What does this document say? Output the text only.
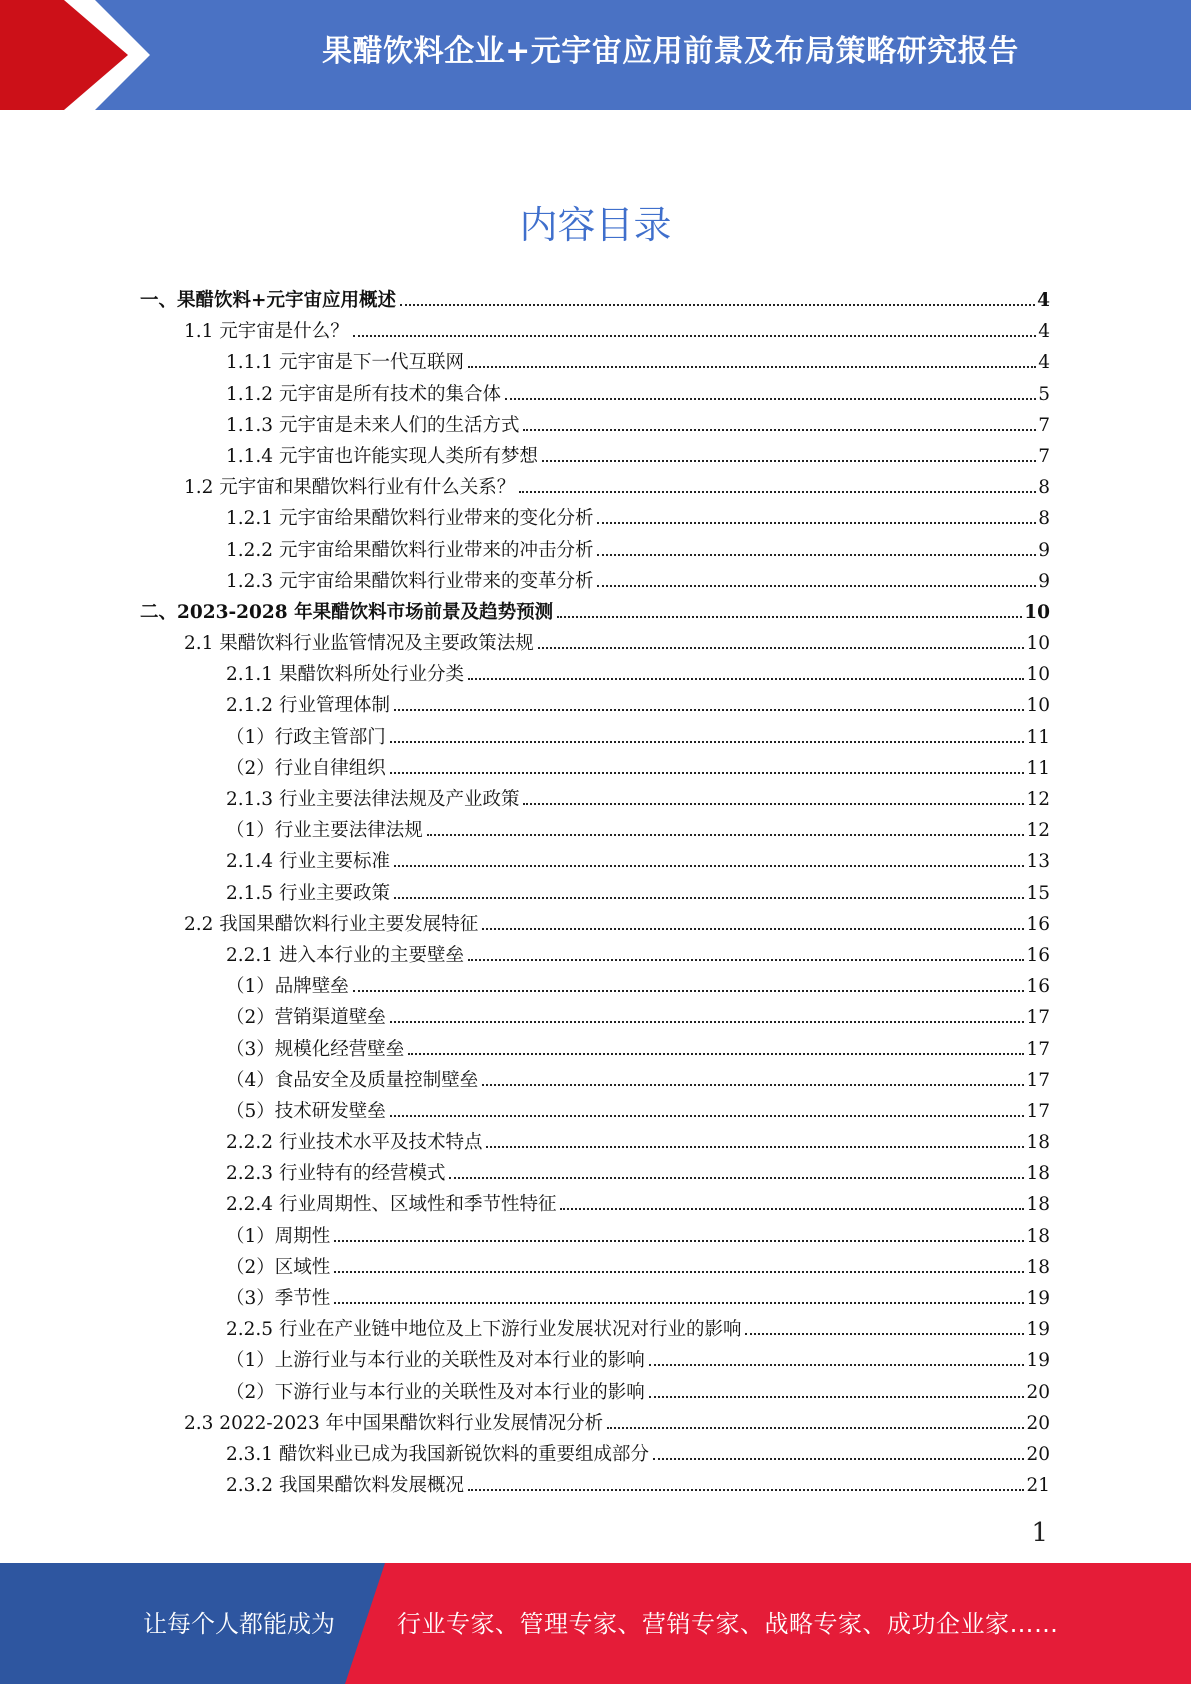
果醋饮料企业+元宇宙应用前景及布局策略研究报告
内容目录
一、果醋饮料+元宇宙应用概述	4
1.1 元宇宙是什么？	4
1.1.1 元宇宙是下一代互联网	4
1.1.2 元宇宙是所有技术的集合体	5
1.1.3 元宇宙是未来人们的生活方式	7
1.1.4 元宇宙也许能实现人类所有梦想	7
1.2 元宇宙和果醋饮料行业有什么关系？	8
1.2.1 元宇宙给果醋饮料行业带来的变化分析	8
1.2.2 元宇宙给果醋饮料行业带来的冲击分析	9
1.2.3 元宇宙给果醋饮料行业带来的变革分析	9
二、2023-2028 年果醋饮料市场前景及趋势预测	10
2.1 果醋饮料行业监管情况及主要政策法规	10
2.1.1 果醋饮料所处行业分类	10
2.1.2 行业管理体制	10
（1）行政主管部门	11
（2）行业自律组织	11
2.1.3 行业主要法律法规及产业政策	12
（1）行业主要法律法规	12
2.1.4 行业主要标准	13
2.1.5 行业主要政策	15
2.2 我国果醋饮料行业主要发展特征	16
2.2.1 进入本行业的主要壁垒	16
（1）品牌壁垒	16
（2）营销渠道壁垒	17
（3）规模化经营壁垒	17
（4）食品安全及质量控制壁垒	17
（5）技术研发壁垒	17
2.2.2 行业技术水平及技术特点	18
2.2.3 行业特有的经营模式	18
2.2.4 行业周期性、区域性和季节性特征	18
（1）周期性	18
（2）区域性	18
（3）季节性	19
2.2.5 行业在产业链中地位及上下游行业发展状况对行业的影响	19
（1）上游行业与本行业的关联性及对本行业的影响	19
（2）下游行业与本行业的关联性及对本行业的影响	20
2.3 2022-2023 年中国果醋饮料行业发展情况分析	20
2.3.1 醋饮料业已成为我国新锐饮料的重要组成部分	20
2.3.2 我国果醋饮料发展概况	21
1
让每个人都能成为	行业专家、管理专家、营销专家、战略专家、成功企业家……
